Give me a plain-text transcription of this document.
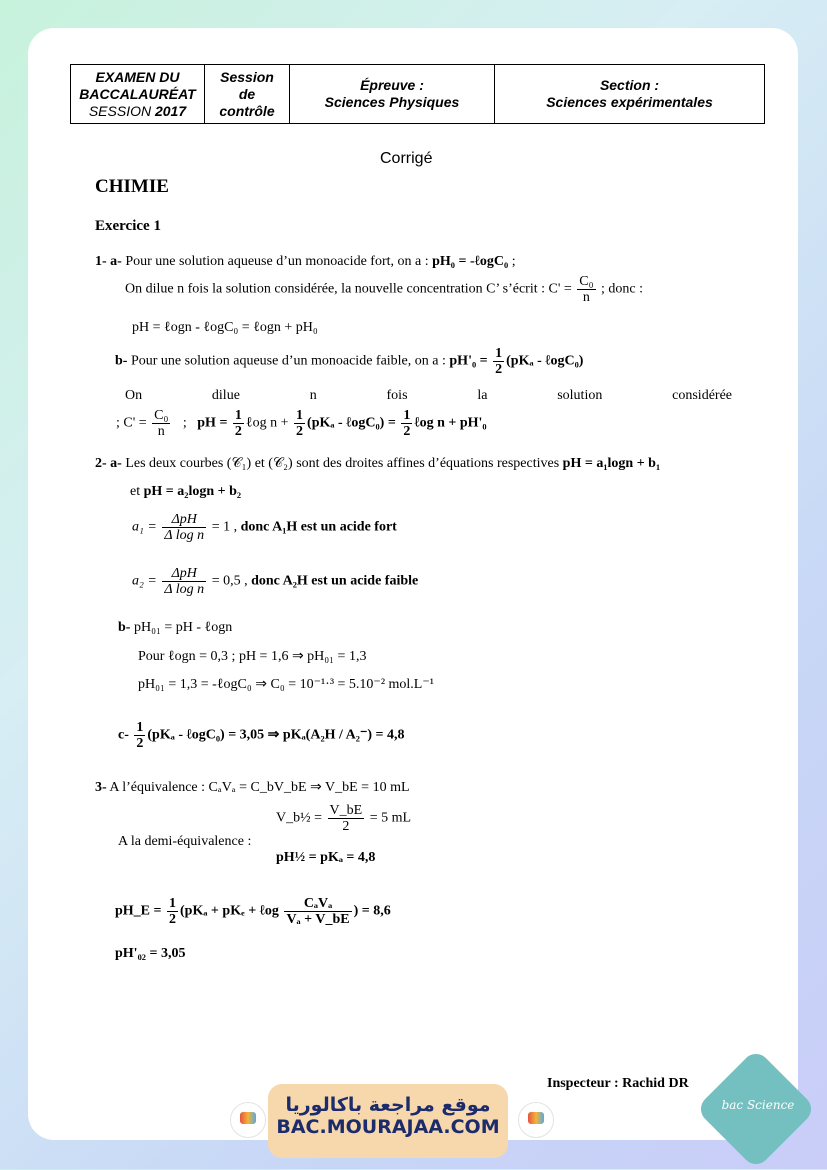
EXAMEN DU
BACCALAURÉAT
SESSION 2017

Session
de
contrôle

Épreuve :
Sciences Physiques

Section :
Sciences expérimentales
Corrigé
CHIMIE
Exercice 1
1- a- Pour une solution aqueuse d’un monoacide fort, on a : pH₀ = -ℓogC₀ ;
On dilue n fois la solution considérée, la nouvelle concentration C’ s’écrit : $C' = \frac{\text{C₀}}{n}$ ; donc :
pH = ℓogn - ℓogC₀ = ℓogn + pH₀
b- Pour une solution aqueuse d’un monoacide faible, on a : $pH'_0 = \frac{1}{2} (pK_a$ - ℓogC₀)
On	dilue	n	fois	la	solution	considérée
; $C' = \frac{\text{C₀}}{n}$ ; pH = $\frac{1}{2}$ ℓog $n + \frac{1}{2} (pK_a$ - ℓogC₀) = $\frac{1}{2}$ ℓog n + pH'₀
2- a- Les deux courbes (𝒞₁) et (𝒞₂) sont des droites affines d’équations respectives pH = a₁logn + b₁
et pH = a₂logn + b₂
$a_1 = \frac{\text{ΔpH}}{\text{Δ log n}} = 1$ , donc A₁H est un acide fort
$a_2 = \frac{\text{ΔpH}}{\text{Δ log n}} = 0,5$ , donc A₂H est un acide faible
b- pH₀₁ = pH - ℓogn
Pour ℓogn = 0,3 ; pH = 1,6 ⇒ pH₀₁ = 1,3
pH₀₁ = 1,3 = -ℓogC₀ ⇒ C₀ = 10⁻¹·³ = 5.10⁻² mol.L⁻¹
$c- \frac{1}{2} (pK_a$ - ℓogC₀) = 3,05 ⇒ pKₐ(A₂H / A₂⁻) = 4,8
3- A l’équivalence : CₐVₐ = C_bV_bE ⇒ V_bE = 10 mL
A la demi-équivalence :
V_b½ = $\frac{V\_bE}{2} = 5$ mL
pH½ = pKₐ = 4,8
pH_E = $\frac{1}{2} (pK_a + pK_e$ + ℓog $\frac{\text{CₐVₐ}}{\text{Vₐ + V\_bE}}$ ) = 8,6
pH'₀₂ = 3,05
Inspecteur : Rachid DR
موقع مراجعة باكالوريا
BAC.MOURAJAA.COM
bac Science
